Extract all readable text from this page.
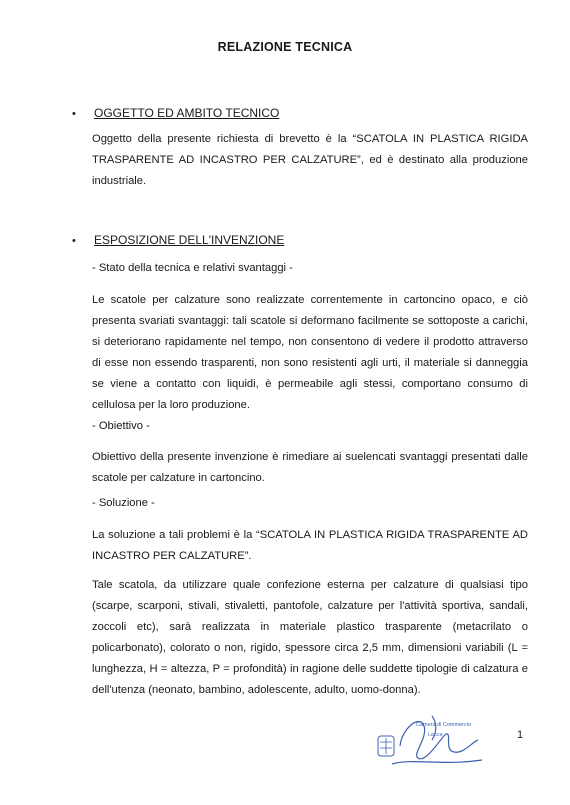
RELAZIONE TECNICA
• OGGETTO ED AMBITO TECNICO
Oggetto della presente richiesta di brevetto è la “SCATOLA IN PLASTICA RIGIDA TRASPARENTE AD INCASTRO PER CALZATURE”, ed è destinato alla produzione industriale.
• ESPOSIZIONE DELL'INVENZIONE
- Stato della tecnica e relativi svantaggi -
Le scatole per calzature sono realizzate correntemente in cartoncino opaco, e ciò presenta svariati svantaggi: tali scatole si deformano facilmente se sottoposte a carichi, si deteriorano rapidamente nel tempo, non consentono di vedere il prodotto attraverso di esse non essendo trasparenti, non sono resistenti agli urti, il materiale si danneggia se viene a contatto con liquidi, è permeabile agli stessi, comportano consumo di cellulosa per la loro produzione.
- Obiettivo -
Obiettivo della presente invenzione è rimediare ai suelencati svantaggi presentati dalle scatole per calzature in cartoncino.
- Soluzione -
La soluzione a tali problemi è la “SCATOLA IN PLASTICA RIGIDA TRASPARENTE AD INCASTRO PER CALZATURE”.
Tale scatola, da utilizzare quale confezione esterna per calzature di qualsiasi tipo (scarpe, scarponi, stivali, stivaletti, pantofole, calzature per l'attività sportiva, sandali, zoccoli etc), sarà realizzata in materiale plastico trasparente (metacrilato o policarbonato), colorato o non, rigido, spessore circa 2,5 mm, dimensioni variabili (L = lunghezza, H = altezza, P = profondità) in ragione delle suddette tipologie di calzatura e dell'utenza (neonato, bambino, adolescente, adulto, uomo-donna).
1
Camera di Commercio
Lecce
